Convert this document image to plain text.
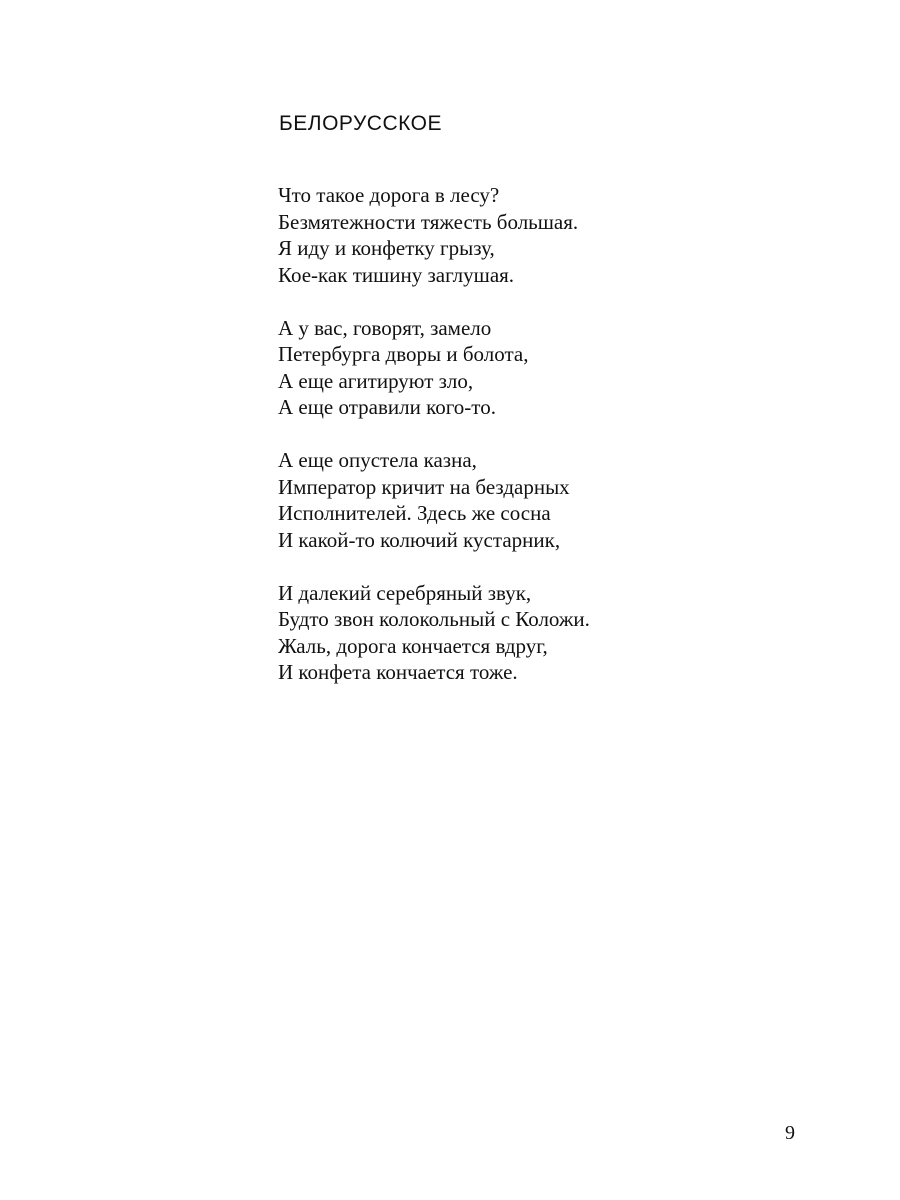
БЕЛОРУССКОЕ
Что такое дорога в лесу?
Безмятежности тяжесть большая.
Я иду и конфетку грызу,
Кое-как тишину заглушая.
А у вас, говорят, замело
Петербурга дворы и болота,
А еще агитируют зло,
А еще отравили кого-то.
А еще опустела казна,
Император кричит на бездарных
Исполнителей. Здесь же сосна
И какой-то колючий кустарник,
И далекий серебряный звук,
Будто звон колокольный с Коложи.
Жаль, дорога кончается вдруг,
И конфета кончается тоже.
9
